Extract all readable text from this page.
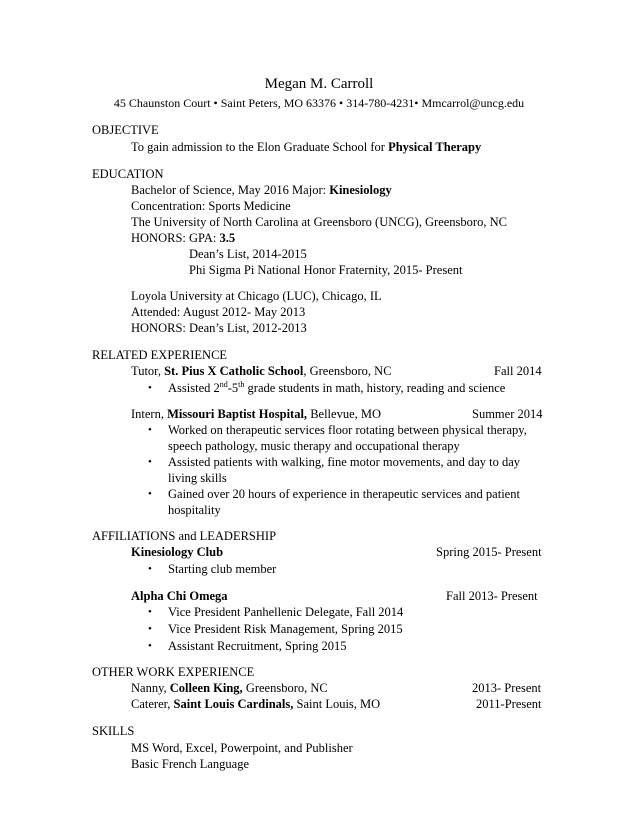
Megan M. Carroll
45 Chaunston Court • Saint Peters, MO 63376 • 314-780-4231• Mmcarrol@uncg.edu
OBJECTIVE
To gain admission to the Elon Graduate School for Physical Therapy
EDUCATION
Bachelor of Science, May 2016 Major: Kinesiology
Concentration: Sports Medicine
The University of North Carolina at Greensboro (UNCG), Greensboro, NC
HONORS: GPA: 3.5
Dean’s List, 2014-2015
Phi Sigma Pi National Honor Fraternity, 2015- Present
Loyola University at Chicago (LUC), Chicago, IL
Attended: August 2012- May 2013
HONORS: Dean’s List, 2012-2013
RELATED EXPERIENCE
Tutor, St. Pius X Catholic School, Greensboro, NC	Fall 2014
• Assisted 2nd-5th grade students in math, history, reading and science
Intern, Missouri Baptist Hospital, Bellevue, MO	Summer 2014
• Worked on therapeutic services floor rotating between physical therapy,
speech pathology, music therapy and occupational therapy
• Assisted patients with walking, fine motor movements, and day to day
living skills
• Gained over 20 hours of experience in therapeutic services and patient
hospitality
AFFILIATIONS and LEADERSHIP
Kinesiology Club	Spring 2015- Present
• Starting club member
Alpha Chi Omega	Fall 2013- Present
• Vice President Panhellenic Delegate, Fall 2014
• Vice President Risk Management, Spring 2015
• Assistant Recruitment, Spring 2015
OTHER WORK EXPERIENCE
Nanny, Colleen King, Greensboro, NC	2013- Present
Caterer, Saint Louis Cardinals, Saint Louis, MO	2011-Present
SKILLS
MS Word, Excel, Powerpoint, and Publisher
Basic French Language
